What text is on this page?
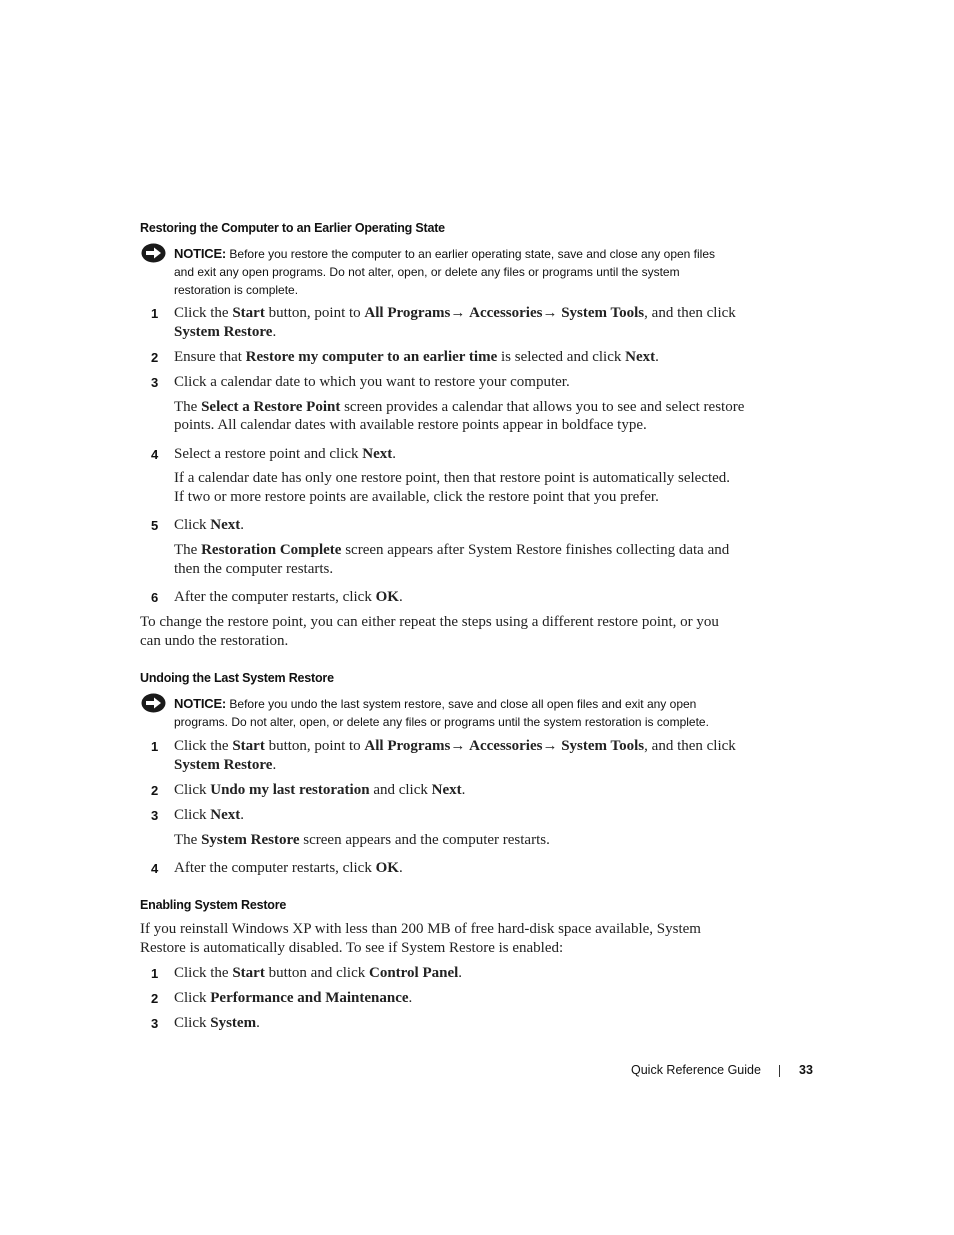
Restoring the Computer to an Earlier Operating State
NOTICE: Before you restore the computer to an earlier operating state, save and close any open files
and exit any open programs. Do not alter, open, or delete any files or programs until the system
restoration is complete.
1 Click the Start button, point to All Programs→ Accessories→ System Tools, and then click
System Restore.
2 Ensure that Restore my computer to an earlier time is selected and click Next.
3 Click a calendar date to which you want to restore your computer.
The Select a Restore Point screen provides a calendar that allows you to see and select restore
points. All calendar dates with available restore points appear in boldface type.
4 Select a restore point and click Next.
If a calendar date has only one restore point, then that restore point is automatically selected.
If two or more restore points are available, click the restore point that you prefer.
5 Click Next.
The Restoration Complete screen appears after System Restore finishes collecting data and
then the computer restarts.
6 After the computer restarts, click OK.
To change the restore point, you can either repeat the steps using a different restore point, or you
can undo the restoration.
Undoing the Last System Restore
NOTICE: Before you undo the last system restore, save and close all open files and exit any open
programs. Do not alter, open, or delete any files or programs until the system restoration is complete.
1 Click the Start button, point to All Programs→ Accessories→ System Tools, and then click
System Restore.
2 Click Undo my last restoration and click Next.
3 Click Next.
The System Restore screen appears and the computer restarts.
4 After the computer restarts, click OK.
Enabling System Restore
If you reinstall Windows XP with less than 200 MB of free hard-disk space available, System
Restore is automatically disabled. To see if System Restore is enabled:
1 Click the Start button and click Control Panel.
2 Click Performance and Maintenance.
3 Click System.
Quick Reference Guide	33
